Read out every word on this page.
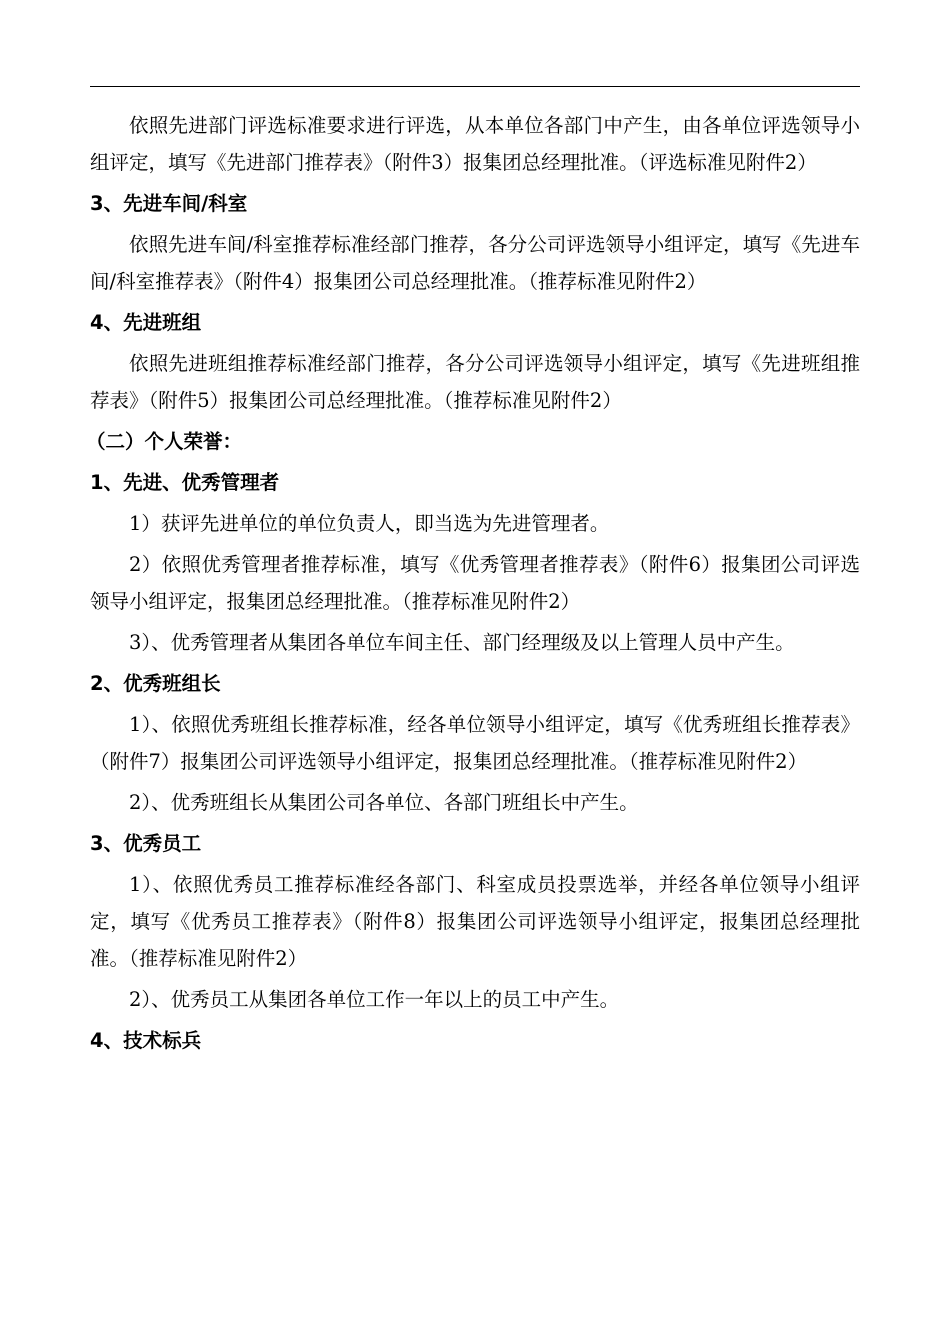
依照先进部门评选标准要求进行评选，从本单位各部门中产生，由各单位评选领导小组评定，填写《先进部门推荐表》（附件3）报集团总经理批准。（评选标准见附件2）

3、先进车间/科室

依照先进车间/科室推荐标准经部门推荐，各分公司评选领导小组评定，填写《先进车间/科室推荐表》（附件4）报集团公司总经理批准。（推荐标准见附件2）

4、先进班组

依照先进班组推荐标准经部门推荐，各分公司评选领导小组评定，填写《先进班组推荐表》（附件5）报集团公司总经理批准。（推荐标准见附件2）

（二）个人荣誉：
1、先进、优秀管理者

1）获评先进单位的单位负责人，即当选为先进管理者。

2）依照优秀管理者推荐标准，填写《优秀管理者推荐表》（附件6）报集团公司评选领导小组评定，报集团总经理批准。（推荐标准见附件2）

3）、优秀管理者从集团各单位车间主任、部门经理级及以上管理人员中产生。

2、优秀班组长

1）、依照优秀班组长推荐标准，经各单位领导小组评定，填写《优秀班组长推荐表》（附件7）报集团公司评选领导小组评定，报集团总经理批准。（推荐标准见附件2）

2）、优秀班组长从集团公司各单位、各部门班组长中产生。

3、优秀员工

1）、依照优秀员工推荐标准经各部门、科室成员投票选举，并经各单位领导小组评定，填写《优秀员工推荐表》（附件8）报集团公司评选领导小组评定，报集团总经理批准。（推荐标准见附件2）

2）、优秀员工从集团各单位工作一年以上的员工中产生。

4、技术标兵
